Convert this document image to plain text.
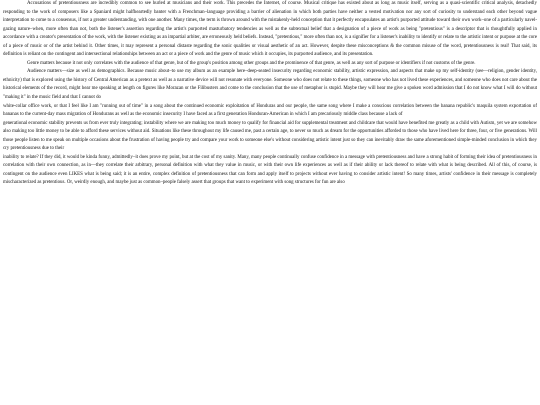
Accusations of pretentiousness are incredibly common to see hurled at musicians and their work. This precedes the Internet, of course. Musical critique has existed about as long as music itself, serving as a quasi-scientific critical analysis, detachedly responding to the work of composers like a Spaniard might halfheartedly banter with a Frenchman–language providing a barrier of alienation in which both parties have neither a vested motivation nor any sort of curiosity to understand each other beyond vague interpretation to come to a consensus, if not a greater understanding, with one another. Many times, the term is thrown around with the mistakenly-held conception that it perfectly encapsulates an artist's purported attitude toward their own work–one of a particularly navel-gazing nature–when, more often than not, both the listener's assertion regarding the artist's purported masturbatory tendencies as well as the subtextual belief that a designation of a piece of work as being "pretentious" is a descriptor that is thoughtfully applied in accordance with a creator's presentation of the work, with the listener existing as an impartial arbiter, are erroneously held beliefs. Instead, "pretentious," more often than not, is a signifier for a listener's inability to identify or relate to the artistic intent or purpose at the core of a piece of music or of the artist behind it. Other times, it may represent a personal distaste regarding the sonic qualities or visual aesthetic of an act. However, despite these misconceptions & the common misuse of the word, pretentiousness is real! That said, its definition is reliant on the contingent and intersectional relationships between an act or a piece of work and the genre of music which it occupies, its purported audience, and its presentation.

Genre matters because it not only correlates with the audience of that genre, but of the group's position among other groups and the prominence of that genre, as well as any sort of purpose or identifiers if not customs of the genre.

Audience matters—size as well as demographics. Because music about–to use my album as an example here–deep-seated insecurity regarding economic stability, artistic expression, and aspects that make up my self-identity (see—religion, gender identity, ethnicity) that is explored using the history of Central American as a pretext as well as a narrative device will not resonate with everyone. Someone who does not relate to these things, someone who has not lived these experiences, and someone who does not care about the historical elements of the record, might hear me speaking at length on figures like Morazan or the Filibusters and come to the conclusion that the use of metaphor is stupid. Maybe they will hear me give a spoken word admission that I do not know what I will do without "making it" in the music field and that I cannot do

white-collar office work, or that I feel like I am "running out of time" in a song about the continued economic exploitation of Honduras and our people, the same song where I make a conscious correlation between the banana republic's maquila system exportation of bananas to the current-day mass migration of Hondurans as well as the economic insecurity I have faced as a first generation Honduran-American in which I am precariously middle class because a lack of

generational economic stability prevents us from ever truly integrating; instability where we are making too much money to qualify for financial aid for supplemental treatment and childcare that would have benefited me greatly as a child with Autism, yet we are somehow also making too little money to be able to afford these services without aid. Situations like these throughout my life caused me, past a certain age, to never so much as dream for the opportunities afforded to those who have lived here for three, four, or five generations. Will those people listen to me speak on multiple occasions about the frustration of having people try and compare your work to someone else's without considering artistic intent just so they can inevitably draw the same aforementioned simple-minded conclusion in which they cry pretentiousness due to their

inability to relate? If they did, it would be kinda funny, admittedly–it does prove my point, but at the cost of my sanity. Many, many people continually confuse confidence in a message with pretentiousness and have a strong habit of forming their idea of pretentiousness in correlation with their own connection, as in—they correlate their arbitrary, personal definition with what they value in music, or with their own life experiences as well as if their ability or lack thereof to relate with what is being described. All of this, of course, is contingent on the audience even LIKES what is being said; it is an entire, complex definition of pretentiousness that can form and apply itself to projects without ever having to consider artistic intent! So many times, artists' confidence in their message is completely mischaracterized as pretentious. Or, weirdly enough, and maybe just as common–people falsely assert that groups that want to experiment with song structures for fun are also
